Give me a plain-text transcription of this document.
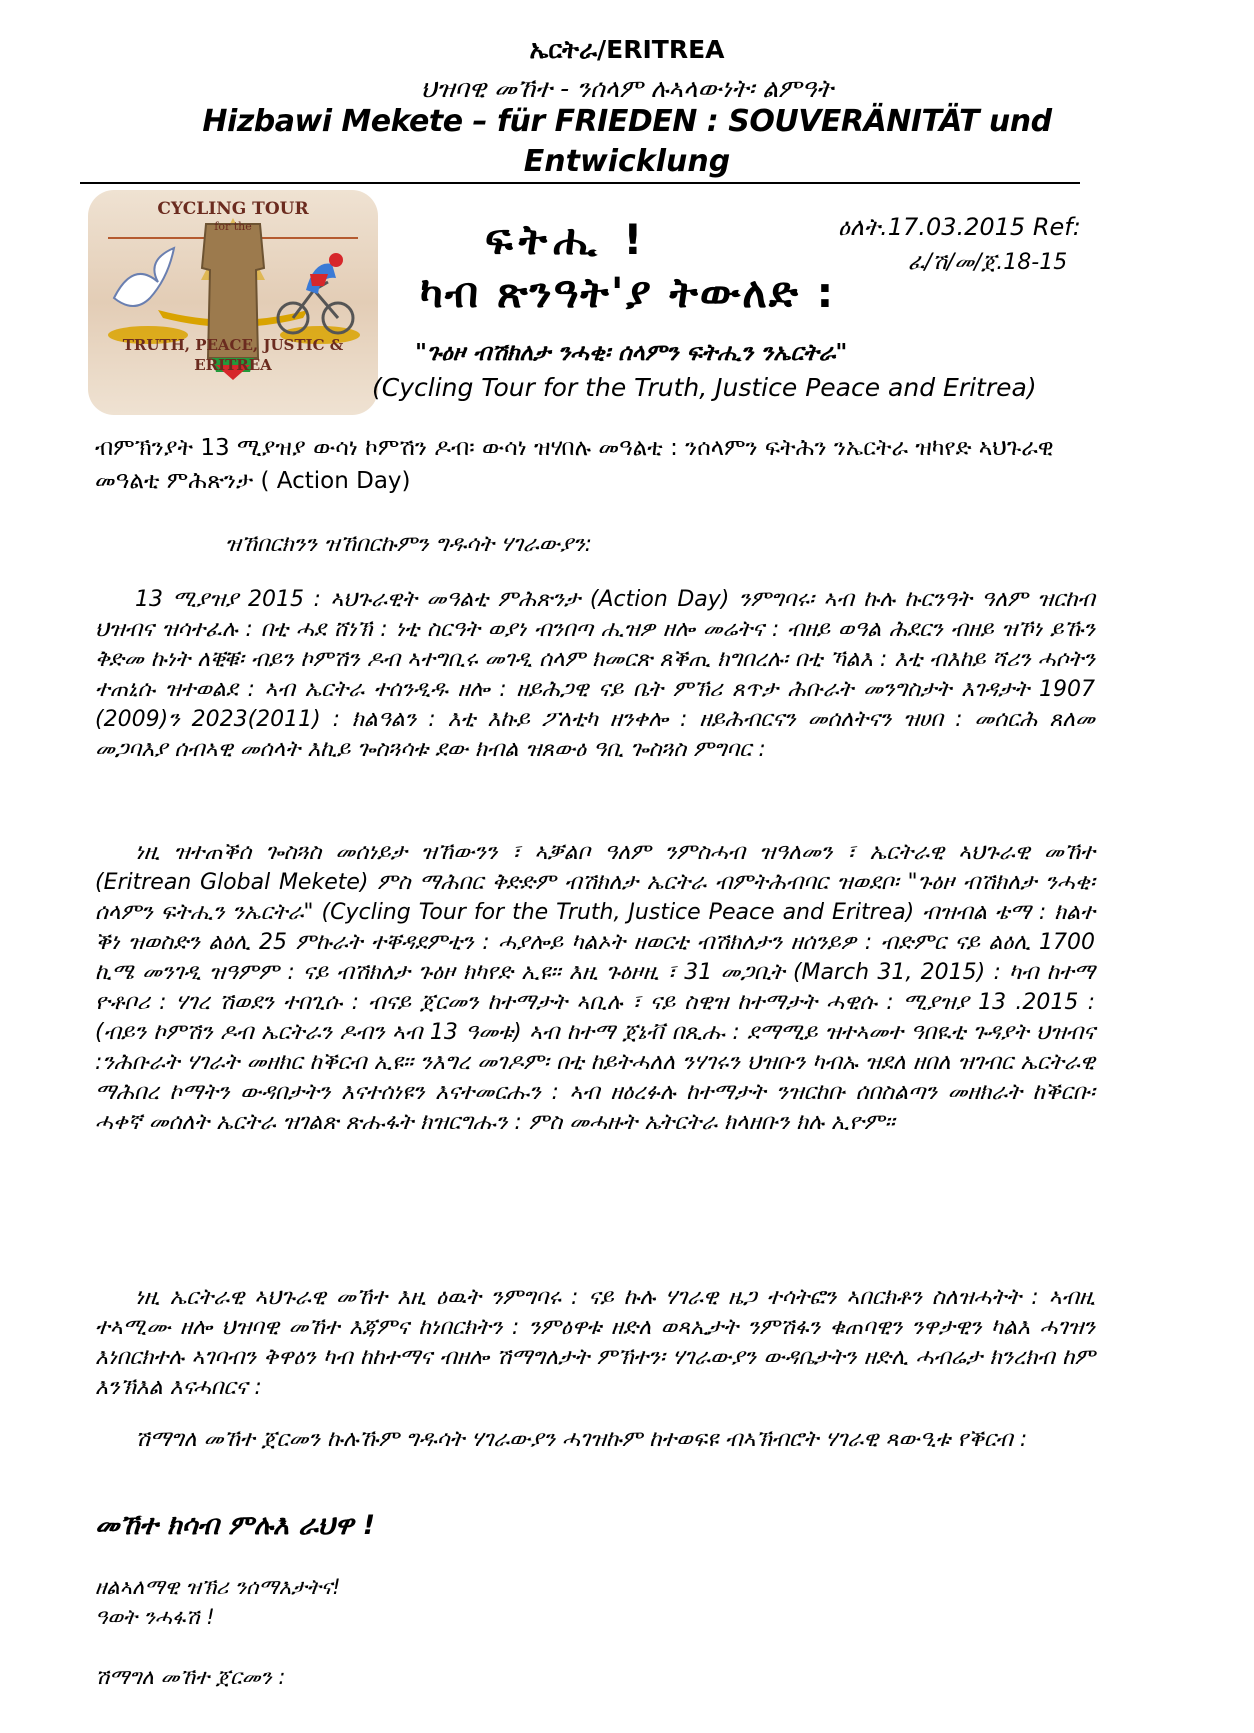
ኤርትራ/ERITREA
ህዝባዊ መኸተ - ንሰላም ሉኣላውነት፡ ልምዓት
Hizbawi Mekete – für FRIEDEN : SOUVERÄNITÄT und
Entwicklung
CYCLING TOUR
for the
TRUTH, PEACE, JUSTIC &
ERITREA
ፍትሒ !
ካብ ጽንዓት'ያ ትውለድ :
ዕለት.17.03.2015 Ref:
ፈ/ሽ/መ/ጀ.18-15
"ጉዕዞ ብሽክለታ ንሓቂ፡ ሰላምን ፍትሒን ንኤርትራ"
(Cycling Tour for the Truth, Justice Peace and Eritrea)

ብምኽንያት 13 ሚያዝያ ውሳነ ኮምሽን ዶብ፡ ውሳነ ዝሃበሉ መዓልቲ : ንሰላምን ፍትሕን ንኤርትራ ዝካየድ ኣህጉራዊ መዓልቲ ምሕጽንታ ( Action Day)

ዝኸበርክንን ዝኸበርኩምን ግዱሳት ሃገራውያን:

13 ሚያዝያ 2015 : ኣህጉራዊት መዓልቲ ምሕጽንታ (Action Day) ንምግባሩ፡ ኣብ ኩሉ ኩርንዓት ዓለም ዝርከብ ህዝብና ዝሳተፈሉ : በቲ ሓደ ሸነኽ : ነቲ ስርዓት ወያነ ብንበጣ ሒዝዎ ዘሎ መሬትና : ብዘይ ወዓል ሕደርን ብዘይ ዝኾነ ይኹን ቅድመ ኩነት ለቒቑ፡ ብይን ኮምሽን ዶብ ኣተግቢሩ መገዲ ሰላም ክመርጽ ጸቕጢ ክግበረሉ፡ በቲ ኻልእ : እቲ ብእከይ ሻሪን ሓሶትን ተጠኒሱ ዝተወልደ : ኣብ ኤርትራ ተሰንዲዱ ዘሎ : ዘይሕጋዊ ናይ ቤት ምኽሪ ጸጥታ ሕቡራት መንግስታት እገዳታት 1907 (2009)ን 2023(2011) : ክልዓልን : እቲ እኩይ ፖለቲካ ዘንቀሎ : ዘይሕብርናን መሰለትናን ዝሀበ : መሰርሕ ጸለመ መጋባእያ ሰብኣዊ መሰላት እኪይ ጐስጓሳቱ ደው ክብል ዝጸውዕ ዓቢ ጐስጓስ ምግባር :

ነዚ ዝተጠቕሰ ጐስጓስ መሰነይታ ዝኸውንን ፣ ኣቓልቦ ዓለም ንምስሓብ ዝዓለመን ፣ ኤርትራዊ ኣህጉራዊ መኸተ (Eritrean Global Mekete) ምስ ማሕበር ቅድድም ብሽክለታ ኤርትራ ብምትሕብባር ዝወደቦ፡ "ጉዕዞ ብሽክለታ ንሓቂ፡ ሰላምን ፍትሒን ንኤርትራ" (Cycling Tour for the Truth, Justice Peace and Eritrea) ብዝብል ቴማ : ክልተ ቕነ ዝወስድን ልዕሊ 25 ምኩራት ተቐዳደምቲን : ሓያሎይ ካልኦት ዘወርቲ ብሽክለታን ዘሰንይዎ : ብድምር ናይ ልዕሊ 1700 ኪሜ መንገዲ ዝዓምም : ናይ ብሽክለታ ጉዕዞ ክካየድ ኢዩ። እዚ ጉዕዞዚ ፣ 31 መጋቢት (March 31, 2015) : ካብ ከተማ ዮቶቦሪ : ሃገረ ሽወደን ተበጊሱ : ብናይ ጀርመን ከተማታት ኣቢሉ ፣ ናይ ስዊዝ ከተማታት ሓዊሱ : ሚያዝያ 13 .2015 : (ብይን ኮምሽን ዶብ ኤርትራን ዶብን ኣብ 13 ዓመቱ) ኣብ ከተማ ጀኔቭ በጺሑ : ደማሚይ ዝተኣመተ ዓበዪቲ ጉዳያት ህዝብና :ንሕቡራት ሃገራት መዘክር ከቕርብ ኢዩ። ንእግረ መገዶም፡ በቲ ከይትሓለለ ንሃገሩን ህዝቡን ካብኡ ዝደለ ዘበለ ዝገብር ኤርትራዊ ማሕበረ ኮማትን ውዳበታትን እናተሰነዩን እናተመርሑን : ኣብ ዘዕረፉሉ ከተማታት ንዝርከቡ ሰበስልጣን መዘክራት ከቕርቡ፡ ሓቀኛ መሰለት ኤርትራ ዝገልጽ ጽሑፋት ክዝርግሑን : ምስ መሓዙት ኤትርትራ ክላዘቡን ክሉ ኢዮም።

ነዚ ኤርትራዊ ኣህጉራዊ መኸተ እዚ ዕዉት ንምግባሩ : ናይ ኩሉ ሃገራዊ ዜጋ ተሳትፎን ኣበርክቶን ስለዝሓትት : ኣብዚ ተኣሚሙ ዘሎ ህዝባዊ መኸተ እጃምና ከነበርክትን : ንምዕዋቱ ዘድለ ወጻኢታት ንምሽፋን ቁጠባዊን ንዋታዊን ካልእ ሓገዝን እነበርክተሉ ኣገባብን ቅዋዕን ካብ ከከተማና ብዘሎ ሽማግለታት ምኽተን፡ ሃገራውያን ውዳቤታትን ዘድሊ ሓብሬታ ክንረክብ ከም እንኽእል እናሓበርና :

ሽማግለ መኸተ ጀርመን ኩሉኹም ግዱሳት ሃገራውያን ሓገዝኩም ከተወፍዩ ብኣኽብሮት ሃገራዊ ጻውዒቱ የቕርብ :

መኸተ ክሳብ ምሉእ ራህዋ !
ዘልኣለማዊ ዝኽሪ ንሰማእታትና!
ዓወት ንሓፋሽ !
ሽማግለ መኸተ ጀርመን :
